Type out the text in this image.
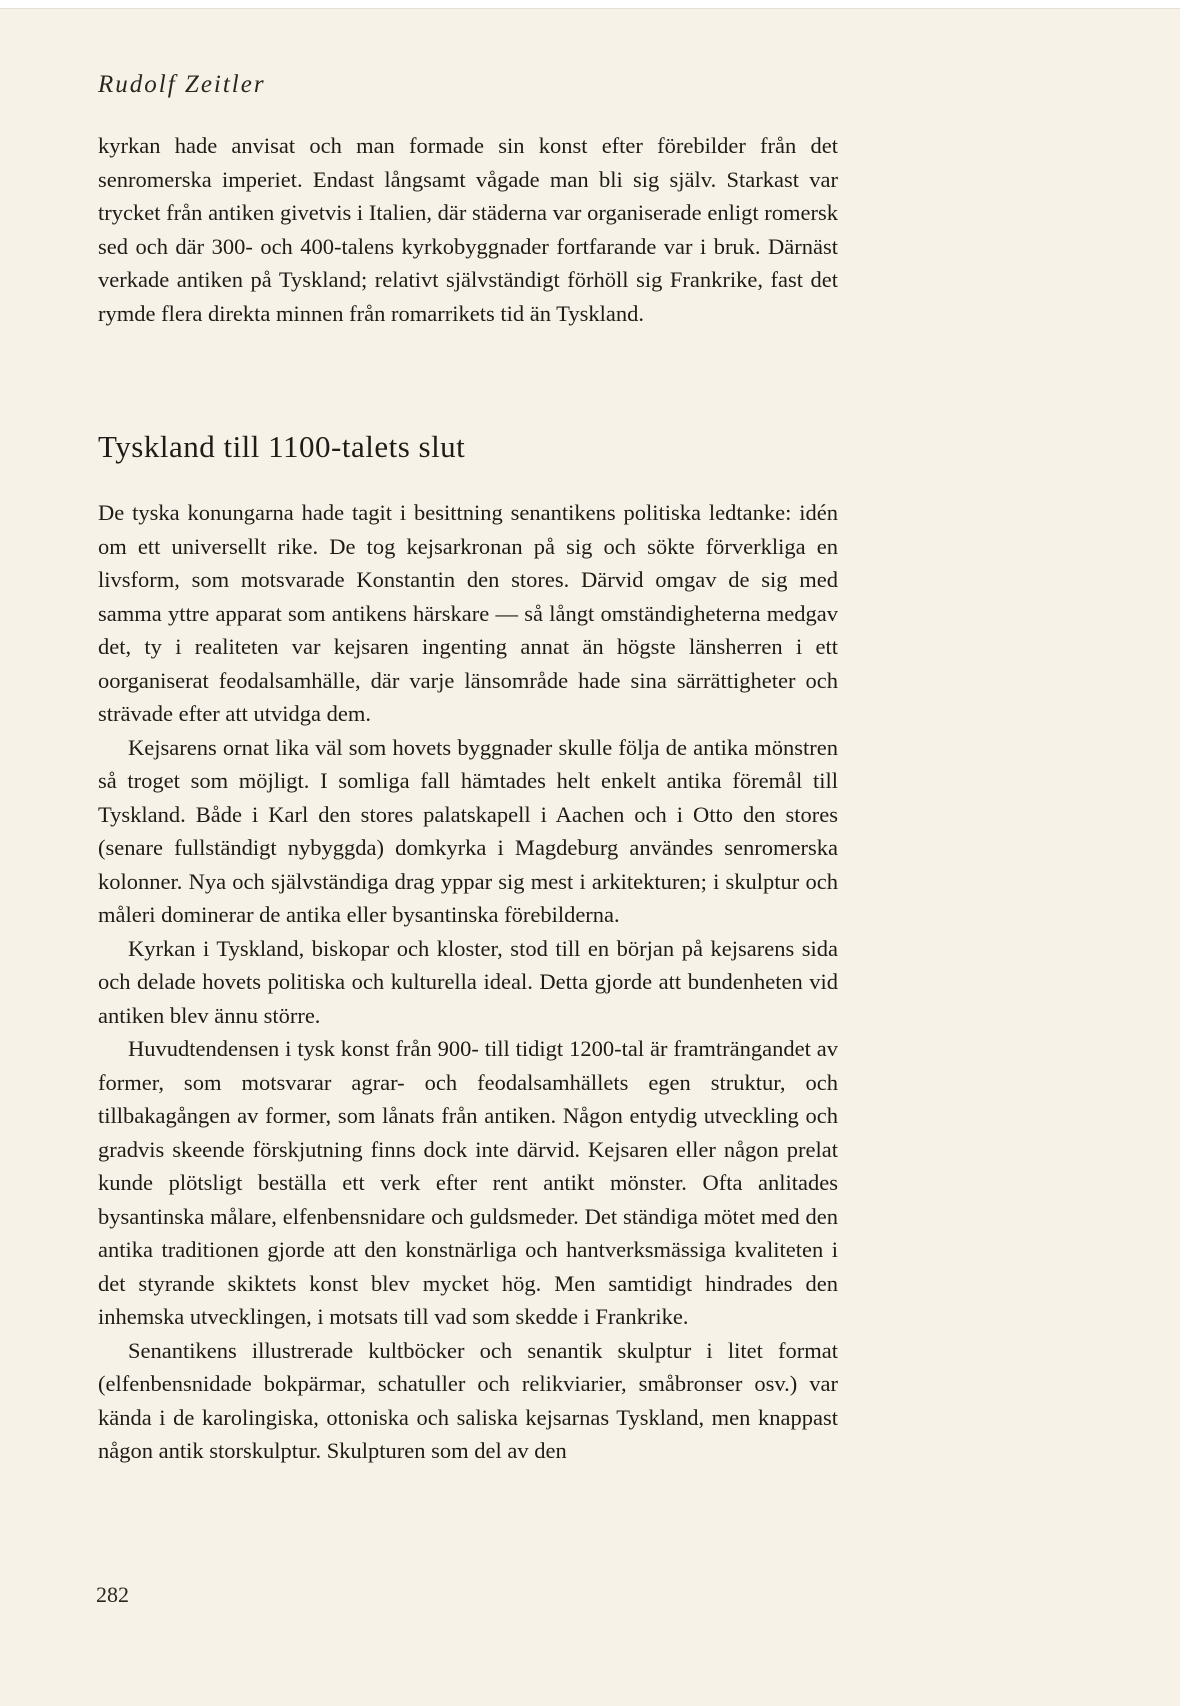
Rudolf Zeitler

kyrkan hade anvisat och man formade sin konst efter förebilder från det senromerska imperiet. Endast långsamt vågade man bli sig själv. Starkast var trycket från antiken givetvis i Italien, där städerna var organiserade enligt romersk sed och där 300- och 400-talens kyrkobyggnader fortfarande var i bruk. Därnäst verkade antiken på Tyskland; relativt självständigt förhöll sig Frankrike, fast det rymde flera direkta minnen från romarrikets tid än Tyskland.

Tyskland till 1100-talets slut

De tyska konungarna hade tagit i besittning senantikens politiska ledtanke: idén om ett universellt rike. De tog kejsarkronan på sig och sökte förverkliga en livsform, som motsvarade Konstantin den stores. Därvid omgav de sig med samma yttre apparat som antikens härskare — så långt omständigheterna medgav det, ty i realiteten var kejsaren ingenting annat än högste länsherren i ett oorganiserat feodalsamhälle, där varje länsområde hade sina särrättigheter och strävade efter att utvidga dem.

Kejsarens ornat lika väl som hovets byggnader skulle följa de antika mönstren så troget som möjligt. I somliga fall hämtades helt enkelt antika föremål till Tyskland. Både i Karl den stores palatskapell i Aachen och i Otto den stores (senare fullständigt nybyggda) domkyrka i Magdeburg användes senromerska kolonner. Nya och självständiga drag yppar sig mest i arkitekturen; i skulptur och måleri dominerar de antika eller bysantinska förebilderna.

Kyrkan i Tyskland, biskopar och kloster, stod till en början på kejsarens sida och delade hovets politiska och kulturella ideal. Detta gjorde att bundenheten vid antiken blev ännu större.

Huvudtendensen i tysk konst från 900- till tidigt 1200-tal är framträngandet av former, som motsvarar agrar- och feodalsamhällets egen struktur, och tillbakagången av former, som lånats från antiken. Någon entydig utveckling och gradvis skeende förskjutning finns dock inte därvid. Kejsaren eller någon prelat kunde plötsligt beställa ett verk efter rent antikt mönster. Ofta anlitades bysantinska målare, elfenbensnidare och guldsmeder. Det ständiga mötet med den antika traditionen gjorde att den konstnärliga och hantverksmässiga kvaliteten i det styrande skiktets konst blev mycket hög. Men samtidigt hindrades den inhemska utvecklingen, i motsats till vad som skedde i Frankrike.

Senantikens illustrerade kultböcker och senantik skulptur i litet format (elfenbensnidade bokpärmar, schatuller och relikviarier, småbronser osv.) var kända i de karolingiska, ottoniska och saliska kejsarnas Tyskland, men knappast någon antik storskulptur. Skulpturen som del av den

282
